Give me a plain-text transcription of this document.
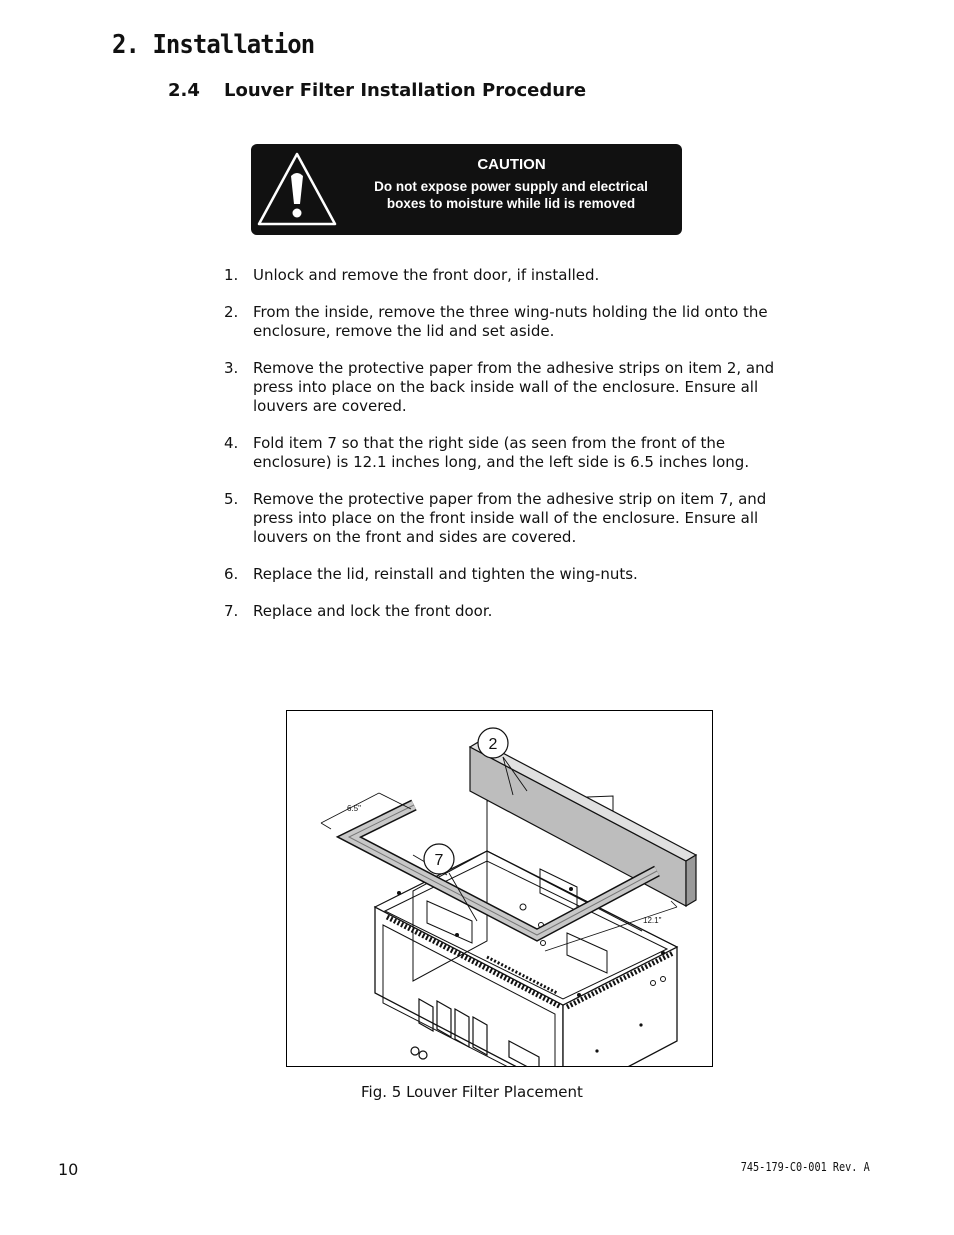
2. Installation
2.4 Louver Filter Installation Procedure
CAUTION
Do not expose power supply and electrical boxes to moisture while lid is removed
1. Unlock and remove the front door, if installed.
2. From the inside, remove the three wing-nuts holding the lid onto the enclosure, remove the lid and set aside.
3. Remove the protective paper from the adhesive strips on item 2, and press into place on the back inside wall of the enclosure. Ensure all louvers are covered.
4. Fold item 7 so that the right side (as seen from the front of the enclosure) is 12.1 inches long, and the left side is 6.5 inches long.
5. Remove the protective paper from the adhesive strip on item 7, and press into place on the front inside wall of the enclosure. Ensure all louvers on the front and sides are covered.
6. Replace the lid, reinstall and tighten the wing-nuts.
7. Replace and lock the front door.
6.5"
12.1"
2
7
Fig. 5 Louver Filter Placement
10	745-179-C0-001 Rev. A
